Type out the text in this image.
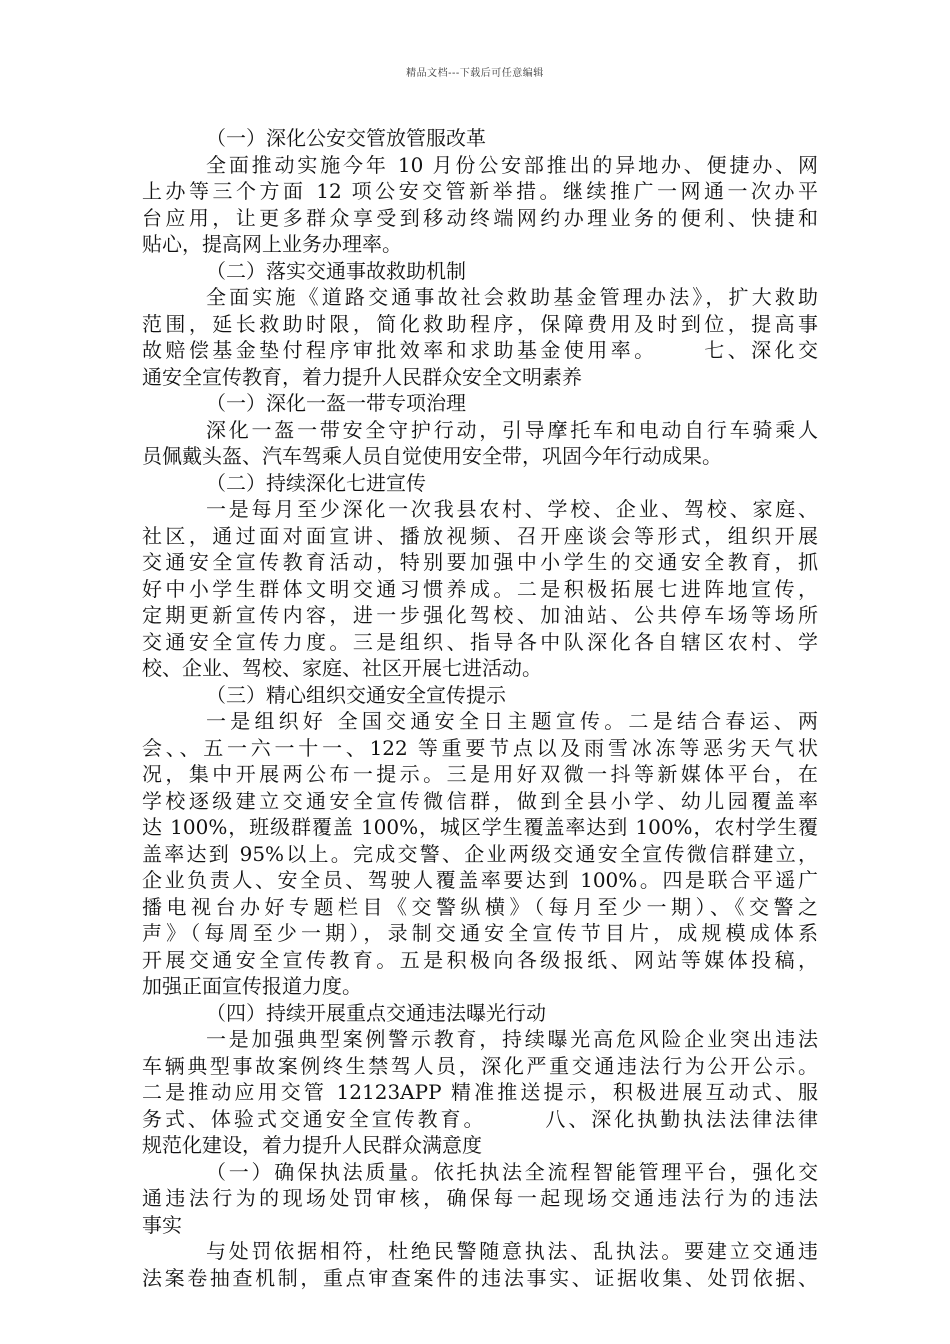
精品文档---下载后可任意编辑
（一）深化公安交管放管服改革
全面推动实施今年 10 月份公安部推出的异地办、便捷办、网
上办等三个方面 12 项公安交管新举措。继续推广一网通一次办平
台应用，让更多群众享受到移动终端网约办理业务的便利、快捷和
贴心，提高网上业务办理率。
（二）落实交通事故救助机制
全面实施《道路交通事故社会救助基金管理办法》，扩大救助
范围，延长救助时限，简化救助程序，保障费用及时到位，提高事
故赔偿基金垫付程序审批效率和求助基金使用率。　　 七、深化交
通安全宣传教育，着力提升人民群众安全文明素养
（一）深化一盔一带专项治理
深化一盔一带安全守护行动，引导摩托车和电动自行车骑乘人
员佩戴头盔、汽车驾乘人员自觉使用安全带，巩固今年行动成果。
（二）持续深化七进宣传
一是每月至少深化一次我县农村、学校、企业、驾校、家庭、
社区，通过面对面宣讲、播放视频、召开座谈会等形式，组织开展
交通安全宣传教育活动，特别要加强中小学生的交通安全教育，抓
好中小学生群体文明交通习惯养成。二是积极拓展七进阵地宣传，
定期更新宣传内容，进一步强化驾校、加油站、公共停车场等场所
交通安全宣传力度。三是组织、指导各中队深化各自辖区农村、学
校、企业、驾校、家庭、社区开展七进活动。
（三）精心组织交通安全宣传提示
一是组织好 全国交通安全日主题宣传。二是结合春运、两
会、、五一六一十一、122 等重要节点以及雨雪冰冻等恶劣天气状
况，集中开展两公布一提示。三是用好双微一抖等新媒体平台，在
学校逐级建立交通安全宣传微信群，做到全县小学、幼儿园覆盖率
达 100%，班级群覆盖 100%，城区学生覆盖率达到 100%，农村学生覆
盖率达到 95%以上。完成交警、企业两级交通安全宣传微信群建立，
企业负责人、安全员、驾驶人覆盖率要达到 100%。四是联合平遥广
播电视台办好专题栏目《交警纵横》（每月至少一期）、《交警之
声》（每周至少一期），录制交通安全宣传节目片，成规模成体系
开展交通安全宣传教育。五是积极向各级报纸、网站等媒体投稿，
加强正面宣传报道力度。
（四）持续开展重点交通违法曝光行动
一是加强典型案例警示教育，持续曝光高危风险企业突出违法
车辆典型事故案例终生禁驾人员，深化严重交通违法行为公开公示。
二是推动应用交管 12123APP 精准推送提示，积极进展互动式、服
务式、体验式交通安全宣传教育。　　　八、深化执勤执法法律法律
规范化建设，着力提升人民群众满意度
（一）确保执法质量。依托执法全流程智能管理平台，强化交
通违法行为的现场处罚审核，确保每一起现场交通违法行为的违法
事实
与处罚依据相符，杜绝民警随意执法、乱执法。要建立交通违
法案卷抽查机制，重点审查案件的违法事实、证据收集、处罚依据、
